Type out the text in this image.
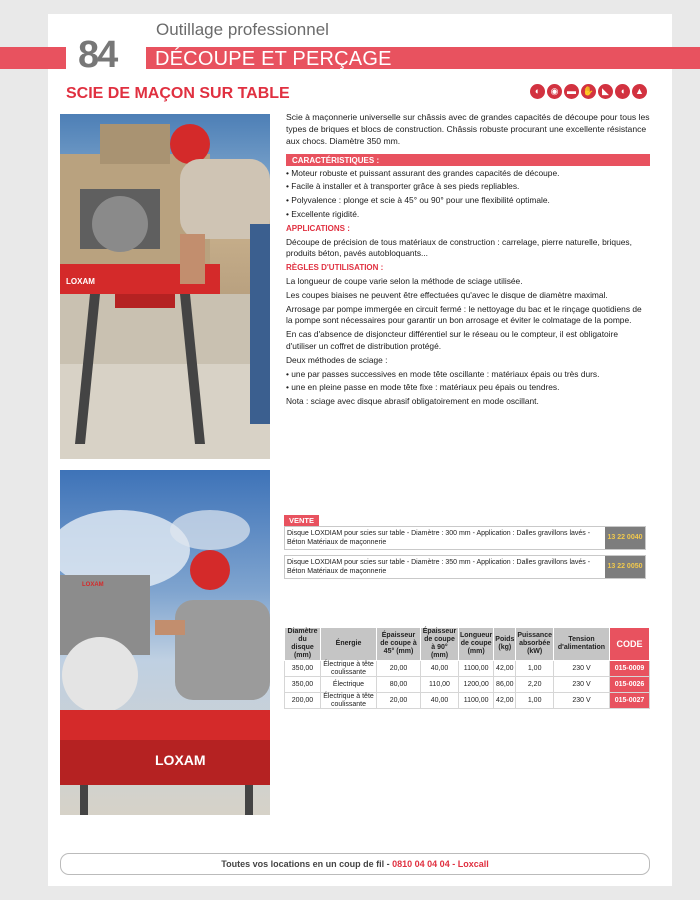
Outillage professionnel
84 DÉCOUPE ET PERÇAGE
SCIE DE MAÇON SUR TABLE	◐	◉ ▬ ✋ ◣	◖	▲
LOXAM
Scie à maçonnerie universelle sur châssis avec de grandes capacités de découpe pour tous les types de briques et blocs de construction. Châssis robuste procurant une excellente résistance aux chocs. Diamètre 350 mm.
CARACTÉRISTIQUES :
• Moteur robuste et puissant assurant des grandes capacités de découpe.
• Facile à installer et à transporter grâce à ses pieds repliables.
• Polyvalence : plonge et scie à 45° ou 90° pour une flexibilité optimale.
• Excellente rigidité.
APPLICATIONS :
Découpe de précision de tous matériaux de construction : carrelage, pierre naturelle, briques, produits béton, pavés autobloquants...
RÈGLES D'UTILISATION :
La longueur de coupe varie selon la méthode de sciage utilisée.
Les coupes biaises ne peuvent être effectuées qu'avec le disque de diamètre maximal.
Arrosage par pompe immergée en circuit fermé : le nettoyage du bac et le rinçage quotidiens de la pompe sont nécessaires pour garantir un bon arrosage et éviter le colmatage de la pompe.
En cas d'absence de disjoncteur différentiel sur le réseau ou le compteur, il est obligatoire d'utiliser un coffret de distribution protégé.
Deux méthodes de sciage :
• une par passes successives en mode tête oscillante : matériaux épais ou très durs.
• une en pleine passe en mode tête fixe : matériaux peu épais ou tendres.
Nota : sciage avec disque abrasif obligatoirement en mode oscillant.
LOXAM
LOXAM
VENTE
Disque LOXDIAM pour scies sur table - Diamètre : 300 mm - Application : Dalles gravillons lavés - Béton Matériaux de maçonnerie
13 22 0040
Disque LOXDIAM pour scies sur table - Diamètre : 350 mm - Application : Dalles gravillons lavés - Béton Matériaux de maçonnerie
13 22 0050
Diamètre du disque (mm)	Énergie	Épaisseur de coupe à 45° (mm)	Épaisseur de coupe à 90° (mm)	Longueur de coupe (mm)	Poids (kg)	Puissance absorbée (kW)	Tension d'alimentation	CODE
350,00	Électrique à tête coulissante	20,00	40,00	1100,00	42,00	1,00	230 V	015-0009
350,00	Électrique	80,00	110,00	1200,00	86,00	2,20	230 V	015-0026
200,00	Électrique à tête coulissante	20,00	40,00	1100,00	42,00	1,00	230 V	015-0027
Toutes vos locations en un coup de fil - 0810 04 04 04 - Loxcall
